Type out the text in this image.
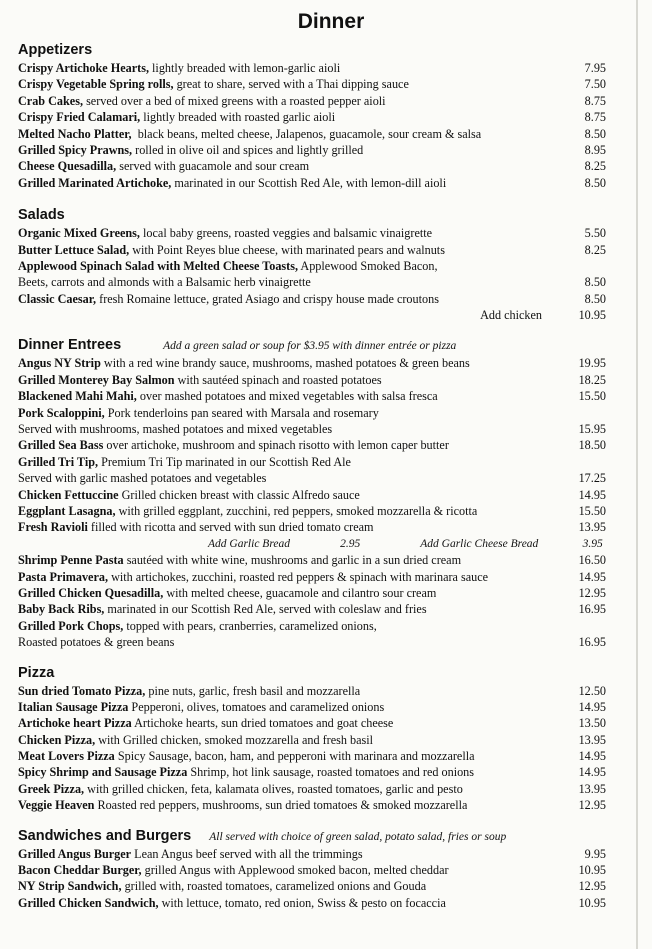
Dinner
Appetizers
Crispy Artichoke Hearts, lightly breaded with lemon-garlic aioli	7.95
Crispy Vegetable Spring rolls, great to share, served with a Thai dipping sauce	7.50
Crab Cakes, served over a bed of mixed greens with a roasted pepper aioli	8.75
Crispy Fried Calamari, lightly breaded with roasted garlic aioli	8.75
Melted Nacho Platter,  black beans, melted cheese, Jalapenos, guacamole, sour cream & salsa	8.50
Grilled Spicy Prawns, rolled in olive oil and spices and lightly grilled	8.95
Cheese Quesadilla, served with guacamole and sour cream	8.25
Grilled Marinated Artichoke, marinated in our Scottish Red Ale, with lemon-dill aioli	8.50
Salads
Organic Mixed Greens, local baby greens, roasted veggies and balsamic vinaigrette	5.50
Butter Lettuce Salad, with Point Reyes blue cheese, with marinated pears and walnuts	8.25
Applewood Spinach Salad with Melted Cheese Toasts, Applewood Smoked Bacon,
Beets, carrots and almonds with a Balsamic herb vinaigrette	8.50
Classic Caesar, fresh Romaine lettuce, grated Asiago and crispy house made croutons	8.50
Add chicken	10.95
Dinner Entrees	Add a green salad or soup for $3.95 with dinner entrée or pizza
Angus NY Strip with a red wine brandy sauce, mushrooms, mashed potatoes & green beans	19.95
Grilled Monterey Bay Salmon with sautéed spinach and roasted potatoes	18.25
Blackened Mahi Mahi, over mashed potatoes and mixed vegetables with salsa fresca	15.50
Pork Scaloppini, Pork tenderloins pan seared with Marsala and rosemary
Served with mushrooms, mashed potatoes and mixed vegetables	15.95
Grilled Sea Bass over artichoke, mushroom and spinach risotto with lemon caper butter	18.50
Grilled Tri Tip, Premium Tri Tip marinated in our Scottish Red Ale
Served with garlic mashed potatoes and vegetables	17.25
Chicken Fettuccine Grilled chicken breast with classic Alfredo sauce	14.95
Eggplant Lasagna, with grilled eggplant, zucchini, red peppers, smoked mozzarella & ricotta	15.50
Fresh Ravioli filled with ricotta and served with sun dried tomato cream	13.95
Add Garlic Bread	2.95	Add Garlic Cheese Bread	3.95
Shrimp Penne Pasta sautéed with white wine, mushrooms and garlic in a sun dried cream	16.50
Pasta Primavera, with artichokes, zucchini, roasted red peppers & spinach with marinara sauce	14.95
Grilled Chicken Quesadilla, with melted cheese, guacamole and cilantro sour cream	12.95
Baby Back Ribs, marinated in our Scottish Red Ale, served with coleslaw and fries	16.95
Grilled Pork Chops, topped with pears, cranberries, caramelized onions,
Roasted potatoes & green beans	16.95
Pizza
Sun dried Tomato Pizza, pine nuts, garlic, fresh basil and mozzarella	12.50
Italian Sausage Pizza Pepperoni, olives, tomatoes and caramelized onions	14.95
Artichoke heart Pizza Artichoke hearts, sun dried tomatoes and goat cheese	13.50
Chicken Pizza, with Grilled chicken, smoked mozzarella and fresh basil	13.95
Meat Lovers Pizza Spicy Sausage, bacon, ham, and pepperoni with marinara and mozzarella	14.95
Spicy Shrimp and Sausage Pizza Shrimp, hot link sausage, roasted tomatoes and red onions	14.95
Greek Pizza, with grilled chicken, feta, kalamata olives, roasted tomatoes, garlic and pesto	13.95
Veggie Heaven Roasted red peppers, mushrooms, sun dried tomatoes & smoked mozzarella	12.95
Sandwiches and Burgers All served with choice of green salad, potato salad, fries or soup
Grilled Angus Burger Lean Angus beef served with all the trimmings	9.95
Bacon Cheddar Burger, grilled Angus with Applewood smoked bacon, melted cheddar	10.95
NY Strip Sandwich, grilled with, roasted tomatoes, caramelized onions and Gouda	12.95
Grilled Chicken Sandwich, with lettuce, tomato, red onion, Swiss & pesto on focaccia	10.95
